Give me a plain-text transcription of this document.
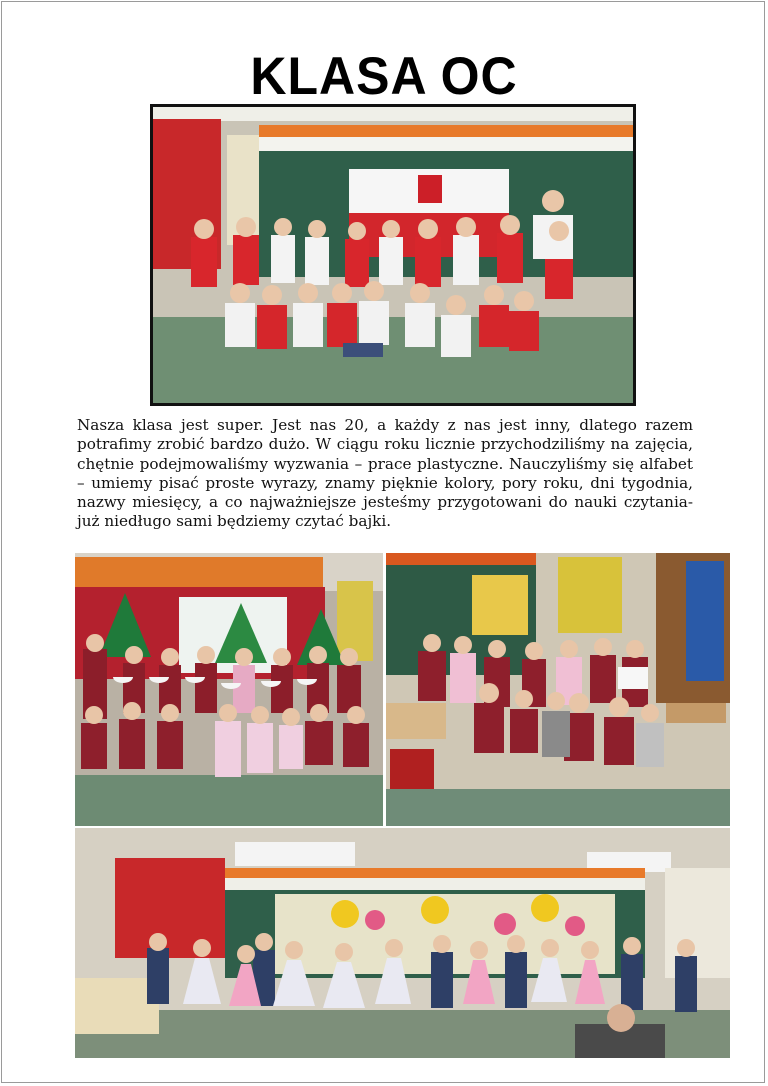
KLASA OC
Nasza klasa jest super. Jest nas 20, a każdy z nas jest inny, dlatego razem potrafimy zrobić bardzo dużo. W ciągu roku licznie przychodziliśmy na zajęcia, chętnie podejmowaliśmy wyzwania – prace plastyczne. Nauczyliśmy się alfabet – umiemy pisać proste wyrazy, znamy pięknie kolory, pory roku, dni tygodnia, nazwy miesięcy, a co najważniejsze jesteśmy przygotowani do nauki czytania- już niedługo sami będziemy czytać bajki.
